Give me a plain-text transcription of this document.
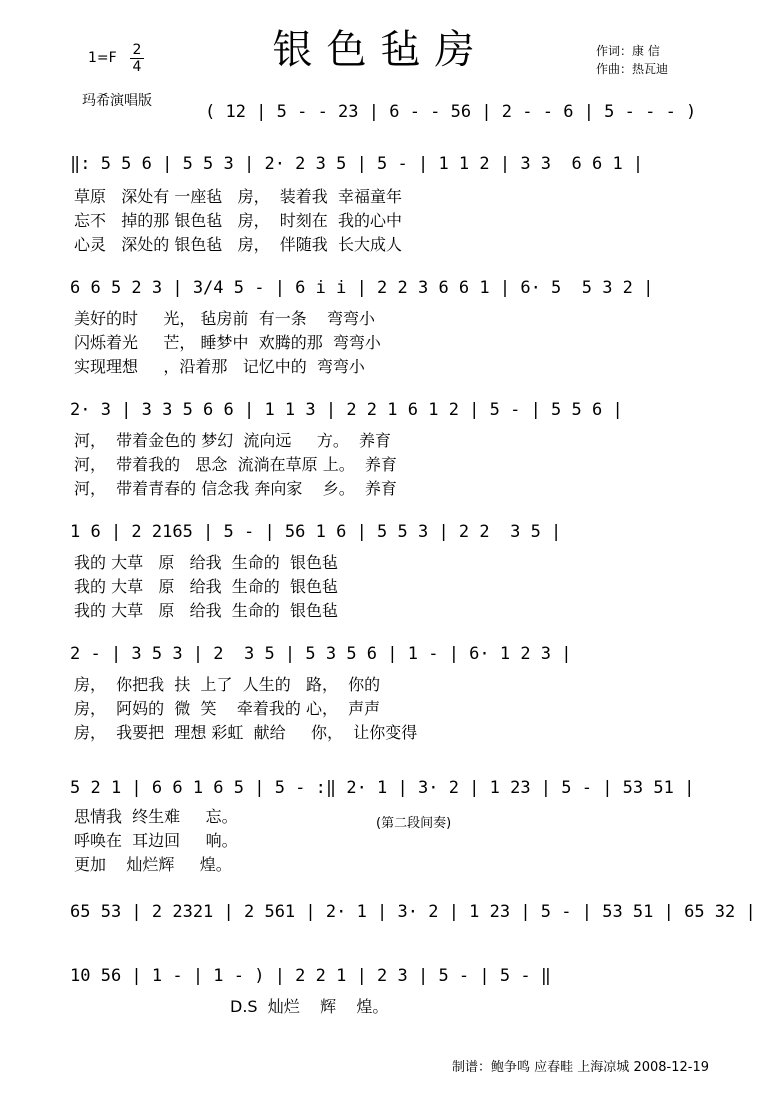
银色毡房
1=F 2
4
作词：康 信
作曲：热瓦迪
玛希演唱版
( 12 | 5 - - 23 | 6 - - 56 | 2 - - 6 | 5 - - - )
‖: 5 5 6 | 5 5 3 | 2· 2 3 5 | 5 - | 1 1 2 | 3 3  6 6 1 |
草原   深处有 一座毡   房，  装着我  幸福童年
忘不   掉的那 银色毡   房，  时刻在  我的心中
心灵   深处的 银色毡   房，  伴随我  长大成人
6 6 5 2 3 | 3/4 5 - | 6 i i | 2 2 3 6 6 1 | 6· 5  5 3 2 |
美好的时     光， 毡房前  有一条    弯弯小
闪烁着光     芒， 睡梦中  欢腾的那  弯弯小
实现理想     ，沿着那   记忆中的  弯弯小
2· 3 | 3 3 5 6 6 | 1 1 3 | 2 2 1 6 1 2 | 5 - | 5 5 6 |
河，  带着金色的 梦幻  流向远     方。  养育
河，  带着我的   思念  流淌在草原 上。  养育
河，  带着青春的 信念我 奔向家    乡。  养育
1 6 | 2 2165 | 5 - | 56 1 6 | 5 5 3 | 2 2  3 5 |
我的 大草   原   给我  生命的  银色毡
我的 大草   原   给我  生命的  银色毡
我的 大草   原   给我  生命的  银色毡
2 - | 3 5 3 | 2  3 5 | 5 3 5 6 | 1 - | 6· 1 2 3 |
房，  你把我  扶  上了  人生的   路，  你的
房，  阿妈的  微  笑    牵着我的 心，  声声
房，  我要把  理想 彩虹  献给     你，  让你变得
5 2 1 | 6 6 1 6 5 | 5 - :‖ 2· 1 | 3· 2 | 1 23 | 5 - | 53 51 |
思情我  终生难     忘。
呼唤在  耳边回     响。
更加    灿烂辉     煌。
(第二段间奏)
65 53 | 2 2321 | 2 561 | 2· 1 | 3· 2 | 1 23 | 5 - | 53 51 | 65 32 |
10 56 | 1 - | 1 - ) | 2 2 1 | 2 3 | 5 - | 5 - ‖
D.S  灿烂    辉    煌。
制谱：鲍争鸣 应春畦 上海凉城 2008-12-19
